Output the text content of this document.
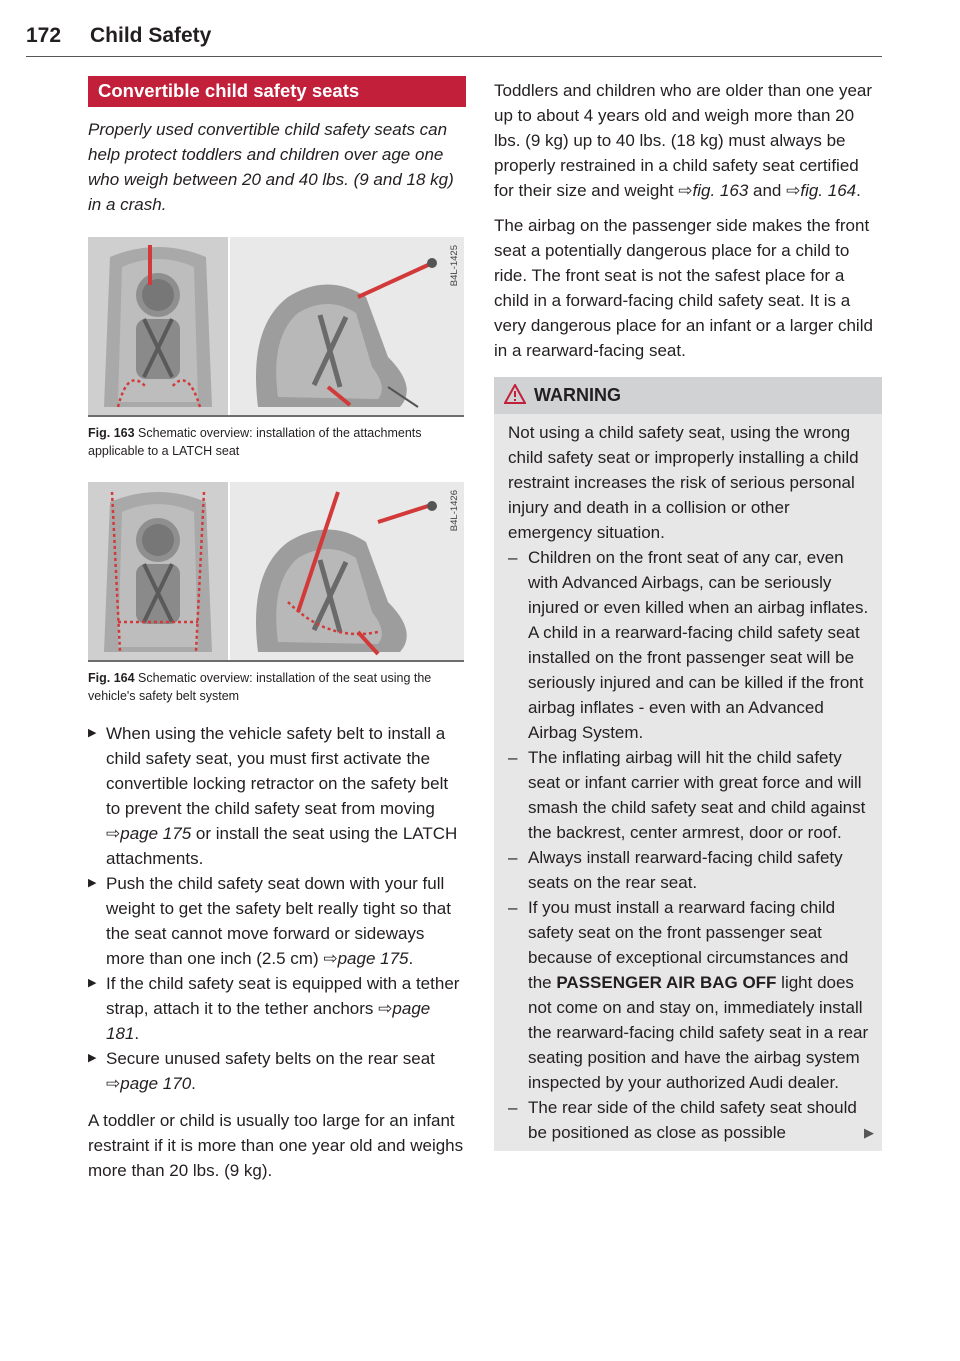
172 Child Safety
Convertible child safety seats
Properly used convertible child safety seats can help protect toddlers and children over age one who weigh between 20 and 40 lbs. (9 and 18 kg) in a crash.
B4L-1425
Fig. 163 Schematic overview: installation of the attachments applicable to a LATCH seat
B4L-1426
Fig. 164 Schematic overview: installation of the seat using the vehicle's safety belt system
▶ When using the vehicle safety belt to install a child safety seat, you must first activate the convertible locking retractor on the safety belt to prevent the child safety seat from moving ⇨page 175 or install the seat using the LATCH attachments.
▶ Push the child safety seat down with your full weight to get the safety belt really tight so that the seat cannot move forward or sideways more than one inch (2.5 cm) ⇨page 175.
▶ If the child safety seat is equipped with a tether strap, attach it to the tether anchors ⇨page 181.
▶ Secure unused safety belts on the rear seat ⇨page 170.
A toddler or child is usually too large for an infant restraint if it is more than one year old and weighs more than 20 lbs. (9 kg).
Toddlers and children who are older than one year up to about 4 years old and weigh more than 20 lbs. (9 kg) up to 40 lbs. (18 kg) must always be properly restrained in a child safety seat certified for their size and weight ⇨fig. 163 and ⇨fig. 164.
The airbag on the passenger side makes the front seat a potentially dangerous place for a child to ride. The front seat is not the safest place for a child in a forward-facing child safety seat. It is a very dangerous place for an infant or a larger child in a rearward-facing seat.
WARNING
Not using a child safety seat, using the wrong child safety seat or improperly installing a child restraint increases the risk of serious personal injury and death in a collision or other emergency situation.
– Children on the front seat of any car, even with Advanced Airbags, can be seriously injured or even killed when an airbag inflates. A child in a rearward-facing child safety seat installed on the front passenger seat will be seriously injured and can be killed if the front airbag inflates - even with an Advanced Airbag System.
– The inflating airbag will hit the child safety seat or infant carrier with great force and will smash the child safety seat and child against the backrest, center armrest, door or roof.
– Always install rearward-facing child safety seats on the rear seat.
– If you must install a rearward facing child safety seat on the front passenger seat because of exceptional circumstances and the PASSENGER AIR BAG OFF light does not come on and stay on, immediately install the rearward-facing child safety seat in a rear seating position and have the airbag system inspected by your authorized Audi dealer.
– The rear side of the child safety seat should be positioned as close as possible	▶
